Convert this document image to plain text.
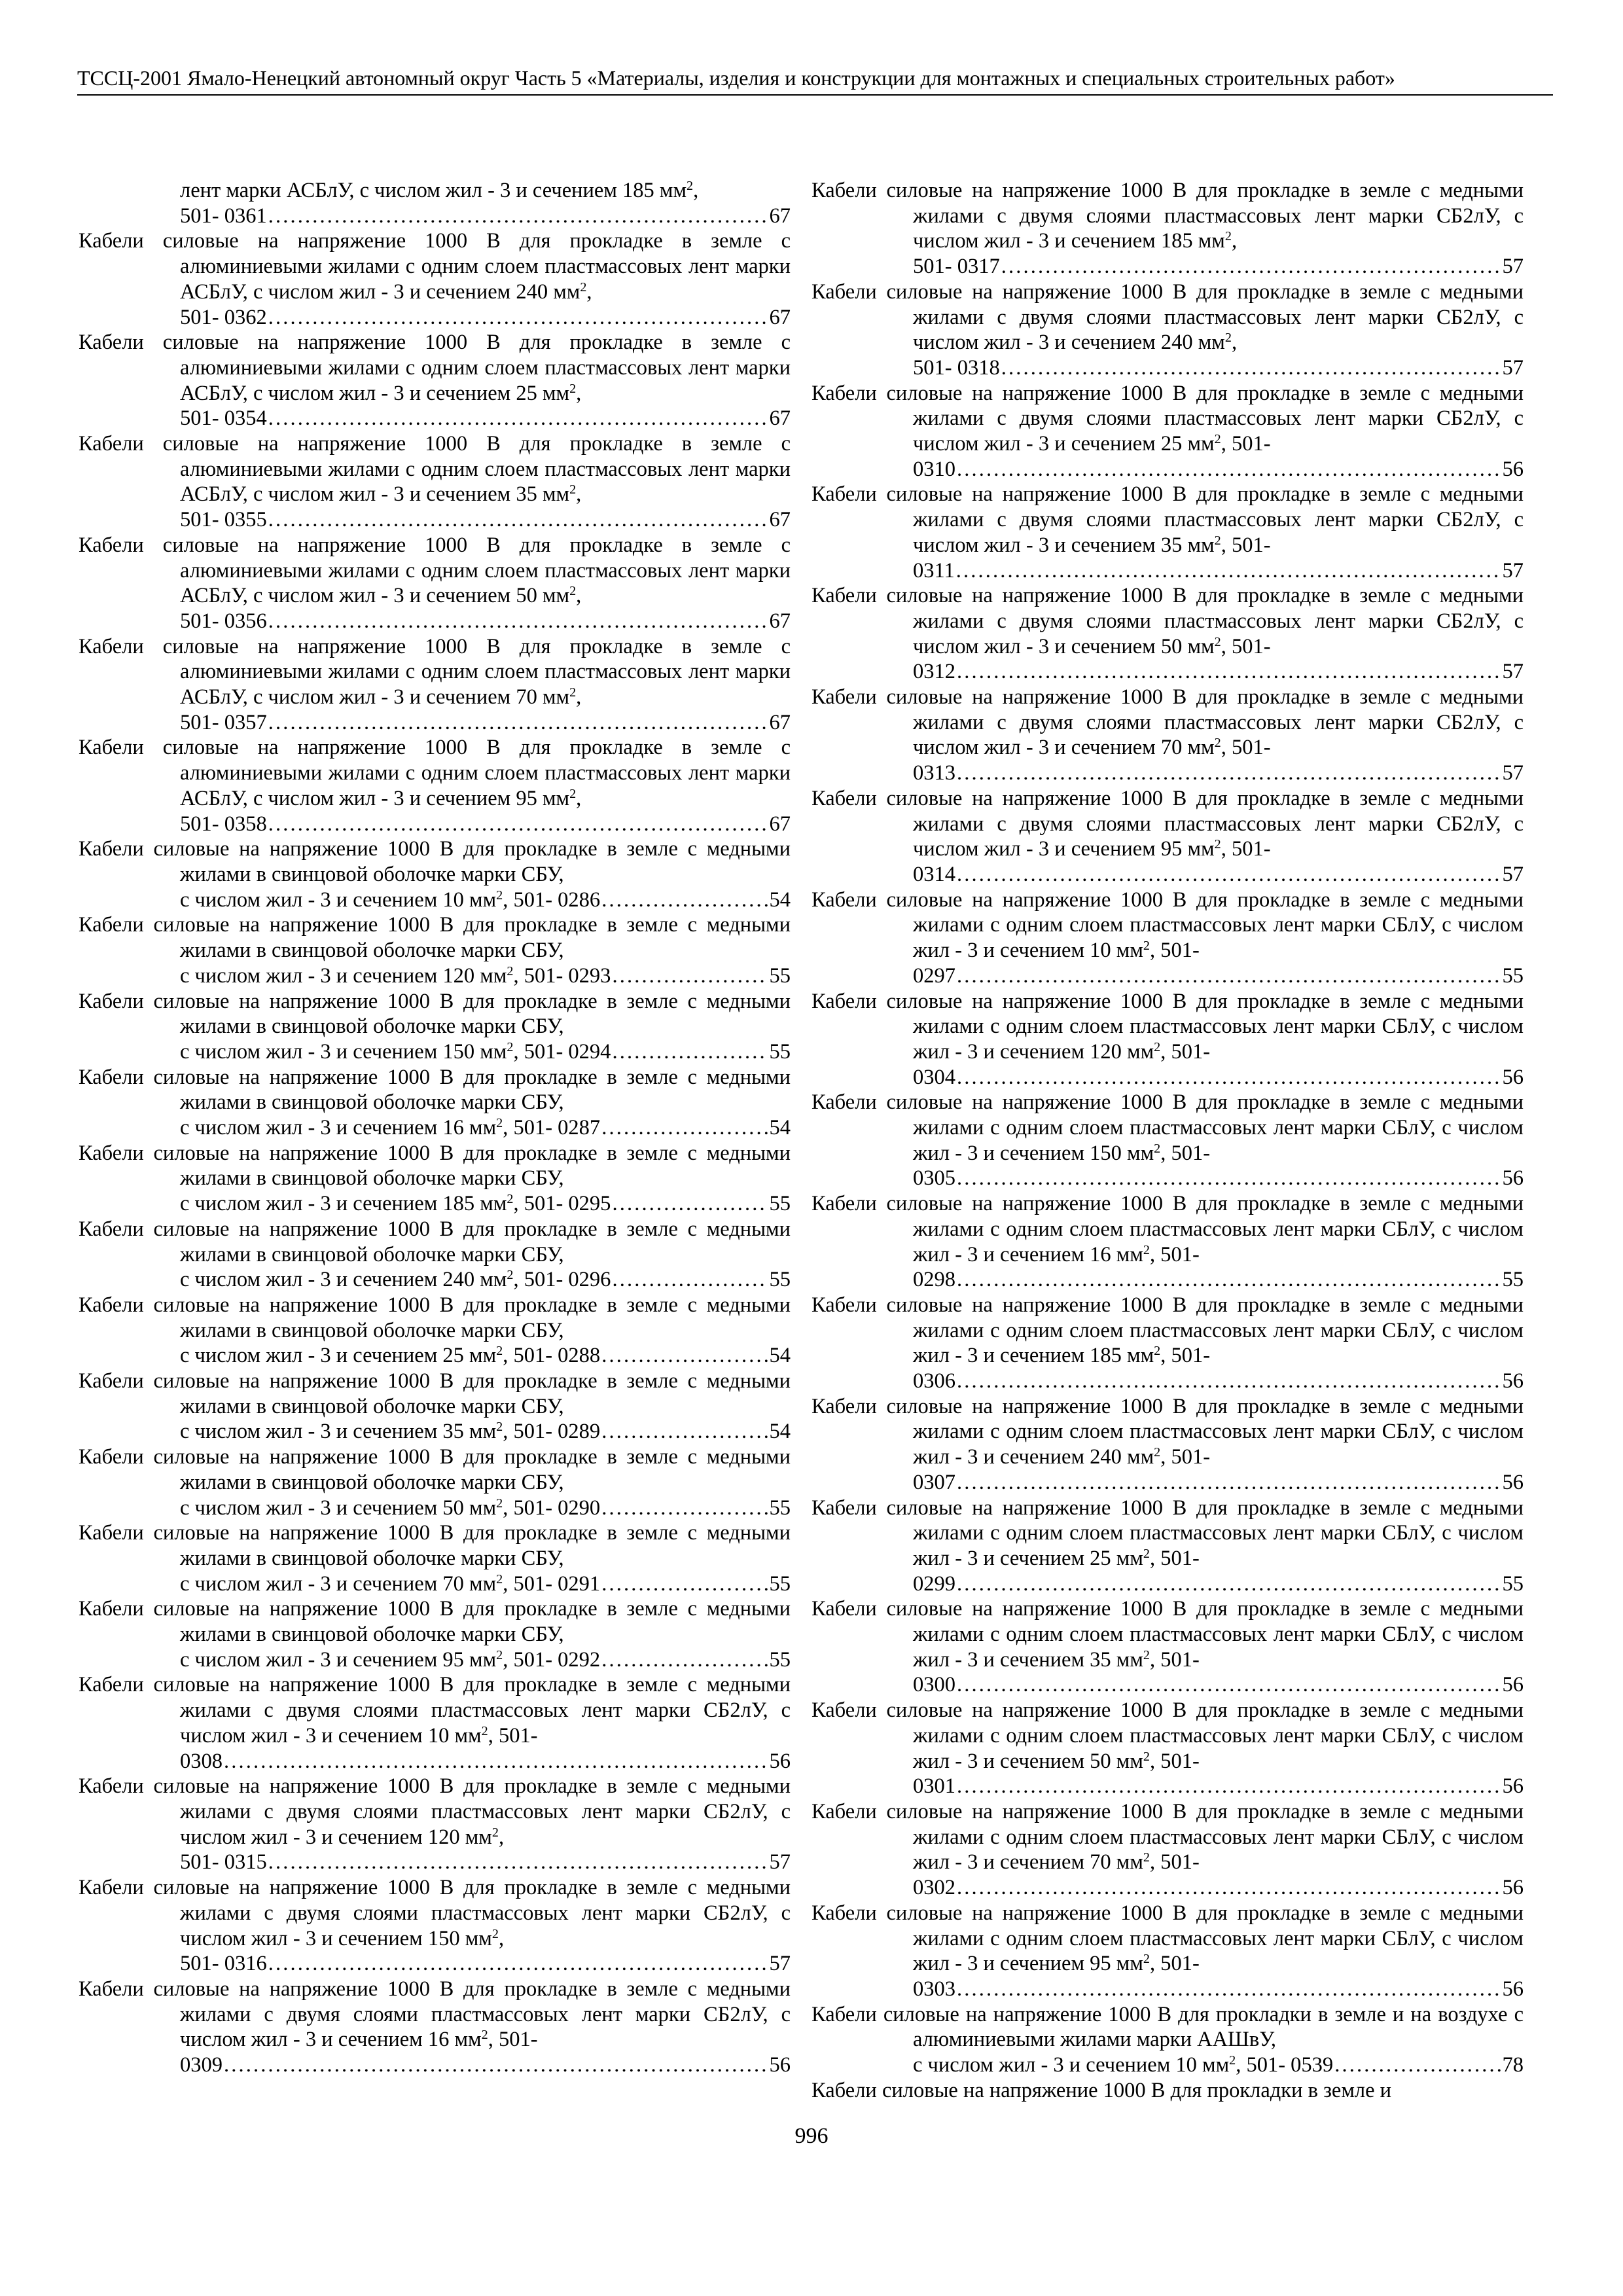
ТССЦ-2001 Ямало-Ненецкий автономный округ Часть 5 «Материалы, изделия и конструкции для монтажных и специальных строительных работ»
лент марки АСБлУ, с числом жил - 3 и сечением 185 $мм^2$,
501- 0361 . . .	67
Кабели силовые на напряжение 1000 В для прокладке в земле с алюминиевыми жилами с одним слоем пластмассовых лент марки АСБлУ, с числом жил - 3 и сечением 240 $мм^2$,
501- 0362 . . .	67
Кабели силовые на напряжение 1000 В для прокладке в земле с алюминиевыми жилами с одним слоем пластмассовых лент марки АСБлУ, с числом жил - 3 и сечением 25 $мм^2$,
501- 0354 . . .	67
Кабели силовые на напряжение 1000 В для прокладке в земле с алюминиевыми жилами с одним слоем пластмассовых лент марки АСБлУ, с числом жил - 3 и сечением 35 $мм^2$,
501- 0355 . . .	67
Кабели силовые на напряжение 1000 В для прокладке в земле с алюминиевыми жилами с одним слоем пластмассовых лент марки АСБлУ, с числом жил - 3 и сечением 50 $мм^2$,
501- 0356 . . .	67
Кабели силовые на напряжение 1000 В для прокладке в земле с алюминиевыми жилами с одним слоем пластмассовых лент марки АСБлУ, с числом жил - 3 и сечением 70 $мм^2$,
501- 0357 . . .	67
Кабели силовые на напряжение 1000 В для прокладке в земле с алюминиевыми жилами с одним слоем пластмассовых лент марки АСБлУ, с числом жил - 3 и сечением 95 $мм^2$,
501- 0358 . . .	67
Кабели силовые на напряжение 1000 В для прокладке в земле с медными жилами в свинцовой оболочке марки СБУ,
с числом жил - 3 и сечением 10 $мм^2$, 501- 0286 . . .	54
Кабели силовые на напряжение 1000 В для прокладке в земле с медными жилами в свинцовой оболочке марки СБУ,
с числом жил - 3 и сечением 120 $мм^2$, 501- 0293 . . .	55
Кабели силовые на напряжение 1000 В для прокладке в земле с медными жилами в свинцовой оболочке марки СБУ,
с числом жил - 3 и сечением 150 $мм^2$, 501- 0294 . . .	55
Кабели силовые на напряжение 1000 В для прокладке в земле с медными жилами в свинцовой оболочке марки СБУ,
с числом жил - 3 и сечением 16 $мм^2$, 501- 0287 . . .	54
Кабели силовые на напряжение 1000 В для прокладке в земле с медными жилами в свинцовой оболочке марки СБУ,
с числом жил - 3 и сечением 185 $мм^2$, 501- 0295 . . .	55
Кабели силовые на напряжение 1000 В для прокладке в земле с медными жилами в свинцовой оболочке марки СБУ,
с числом жил - 3 и сечением 240 $мм^2$, 501- 0296 . . .	55
Кабели силовые на напряжение 1000 В для прокладке в земле с медными жилами в свинцовой оболочке марки СБУ,
с числом жил - 3 и сечением 25 $мм^2$, 501- 0288 . . .	54
Кабели силовые на напряжение 1000 В для прокладке в земле с медными жилами в свинцовой оболочке марки СБУ,
с числом жил - 3 и сечением 35 $мм^2$, 501- 0289 . . .	54
Кабели силовые на напряжение 1000 В для прокладке в земле с медными жилами в свинцовой оболочке марки СБУ,
с числом жил - 3 и сечением 50 $мм^2$, 501- 0290 . . .	55
Кабели силовые на напряжение 1000 В для прокладке в земле с медными жилами в свинцовой оболочке марки СБУ,
с числом жил - 3 и сечением 70 $мм^2$, 501- 0291 . . .	55
Кабели силовые на напряжение 1000 В для прокладке в земле с медными жилами в свинцовой оболочке марки СБУ,
с числом жил - 3 и сечением 95 $мм^2$, 501- 0292 . . .	55
Кабели силовые на напряжение 1000 В для прокладке в земле с медными жилами с двумя слоями пластмассовых лент марки СБ2лУ, с числом жил - 3 и сечением 10 $мм^2$, 501-
0308 . . .	56
Кабели силовые на напряжение 1000 В для прокладке в земле с медными жилами с двумя слоями пластмассовых лент марки СБ2лУ, с числом жил - 3 и сечением 120 $мм^2$,
501- 0315 . . .	57
Кабели силовые на напряжение 1000 В для прокладке в земле с медными жилами с двумя слоями пластмассовых лент марки СБ2лУ, с числом жил - 3 и сечением 150 $мм^2$,
501- 0316 . . .	57
Кабели силовые на напряжение 1000 В для прокладке в земле с медными жилами с двумя слоями пластмассовых лент марки СБ2лУ, с числом жил - 3 и сечением 16 $мм^2$, 501-
0309 . . .	56
Кабели силовые на напряжение 1000 В для прокладке в земле с медными жилами с двумя слоями пластмассовых лент марки СБ2лУ, с числом жил - 3 и сечением 185 $мм^2$,
501- 0317 . . .	57
Кабели силовые на напряжение 1000 В для прокладке в земле с медными жилами с двумя слоями пластмассовых лент марки СБ2лУ, с числом жил - 3 и сечением 240 $мм^2$,
501- 0318 . . .	57
Кабели силовые на напряжение 1000 В для прокладке в земле с медными жилами с двумя слоями пластмассовых лент марки СБ2лУ, с числом жил - 3 и сечением 25 $мм^2$, 501-
0310 . . .	56
Кабели силовые на напряжение 1000 В для прокладке в земле с медными жилами с двумя слоями пластмассовых лент марки СБ2лУ, с числом жил - 3 и сечением 35 $мм^2$, 501-
0311 . . .	57
Кабели силовые на напряжение 1000 В для прокладке в земле с медными жилами с двумя слоями пластмассовых лент марки СБ2лУ, с числом жил - 3 и сечением 50 $мм^2$, 501-
0312 . . .	57
Кабели силовые на напряжение 1000 В для прокладке в земле с медными жилами с двумя слоями пластмассовых лент марки СБ2лУ, с числом жил - 3 и сечением 70 $мм^2$, 501-
0313 . . .	57
Кабели силовые на напряжение 1000 В для прокладке в земле с медными жилами с двумя слоями пластмассовых лент марки СБ2лУ, с числом жил - 3 и сечением 95 $мм^2$, 501-
0314 . . .	57
Кабели силовые на напряжение 1000 В для прокладке в земле с медными жилами с одним слоем пластмассовых лент марки СБлУ, с числом жил - 3 и сечением 10 $мм^2$, 501-
0297 . . .	55
Кабели силовые на напряжение 1000 В для прокладке в земле с медными жилами с одним слоем пластмассовых лент марки СБлУ, с числом жил - 3 и сечением 120 $мм^2$, 501-
0304 . . .	56
Кабели силовые на напряжение 1000 В для прокладке в земле с медными жилами с одним слоем пластмассовых лент марки СБлУ, с числом жил - 3 и сечением 150 $мм^2$, 501-
0305 . . .	56
Кабели силовые на напряжение 1000 В для прокладке в земле с медными жилами с одним слоем пластмассовых лент марки СБлУ, с числом жил - 3 и сечением 16 $мм^2$, 501-
0298 . . .	55
Кабели силовые на напряжение 1000 В для прокладке в земле с медными жилами с одним слоем пластмассовых лент марки СБлУ, с числом жил - 3 и сечением 185 $мм^2$, 501-
0306 . . .	56
Кабели силовые на напряжение 1000 В для прокладке в земле с медными жилами с одним слоем пластмассовых лент марки СБлУ, с числом жил - 3 и сечением 240 $мм^2$, 501-
0307 . . .	56
Кабели силовые на напряжение 1000 В для прокладке в земле с медными жилами с одним слоем пластмассовых лент марки СБлУ, с числом жил - 3 и сечением 25 $мм^2$, 501-
0299 . . .	55
Кабели силовые на напряжение 1000 В для прокладке в земле с медными жилами с одним слоем пластмассовых лент марки СБлУ, с числом жил - 3 и сечением 35 $мм^2$, 501-
0300 . . .	56
Кабели силовые на напряжение 1000 В для прокладке в земле с медными жилами с одним слоем пластмассовых лент марки СБлУ, с числом жил - 3 и сечением 50 $мм^2$, 501-
0301 . . .	56
Кабели силовые на напряжение 1000 В для прокладке в земле с медными жилами с одним слоем пластмассовых лент марки СБлУ, с числом жил - 3 и сечением 70 $мм^2$, 501-
0302 . . .	56
Кабели силовые на напряжение 1000 В для прокладке в земле с медными жилами с одним слоем пластмассовых лент марки СБлУ, с числом жил - 3 и сечением 95 $мм^2$, 501-
0303 . . .	56
Кабели силовые на напряжение 1000 В для прокладки в земле и на воздухе с алюминиевыми жилами марки ААШвУ,
с числом жил - 3 и сечением 10 $мм^2$, 501- 0539 . . .	78
Кабели силовые на напряжение 1000 В для прокладки в земле и
996
